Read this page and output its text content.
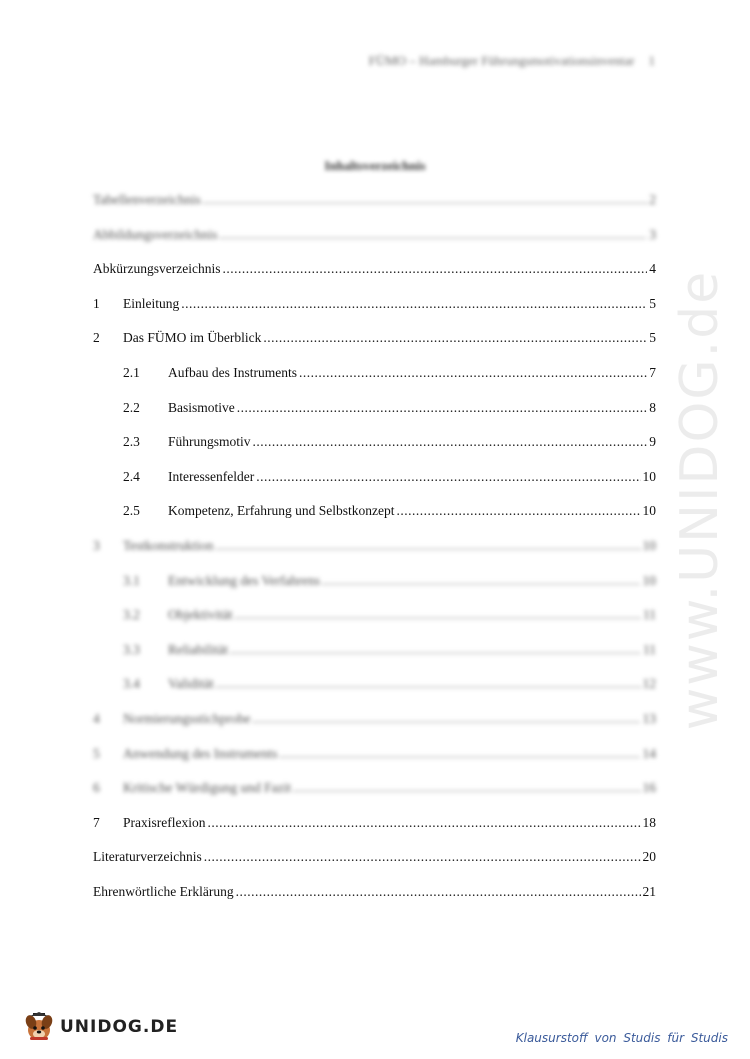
FÜMO – Hamburger Führungsmotivationsinventar 1
www.UNIDOG.de
Inhaltsverzeichnis
Tabellenverzeichnis .....	2
Abbildungsverzeichnis .....	3
Abkürzungsverzeichnis .....	4
1	Einleitung .....	5
2	Das FÜMO im Überblick .....	5
2.1	Aufbau des Instruments .....	7
2.2	Basismotive .....	8
2.3	Führungsmotiv .....	9
2.4	Interessenfelder .....	10
2.5	Kompetenz, Erfahrung und Selbstkonzept .....	10
3	Testkonstruktion .....	10
3.1	Entwicklung des Verfahrens .....	10
3.2	Objektivität .....	11
3.3	Reliabilität .....	11
3.4	Validität .....	12
4	Normierungsstichprobe .....	13
5	Anwendung des Instruments .....	14
6	Kritische Würdigung und Fazit .....	16
7	Praxisreflexion .....	18
Literaturverzeichnis .....	20
Ehrenwörtliche Erklärung .....	21
UNIDOG.DE
Klausurstoff von Studis für Studis
